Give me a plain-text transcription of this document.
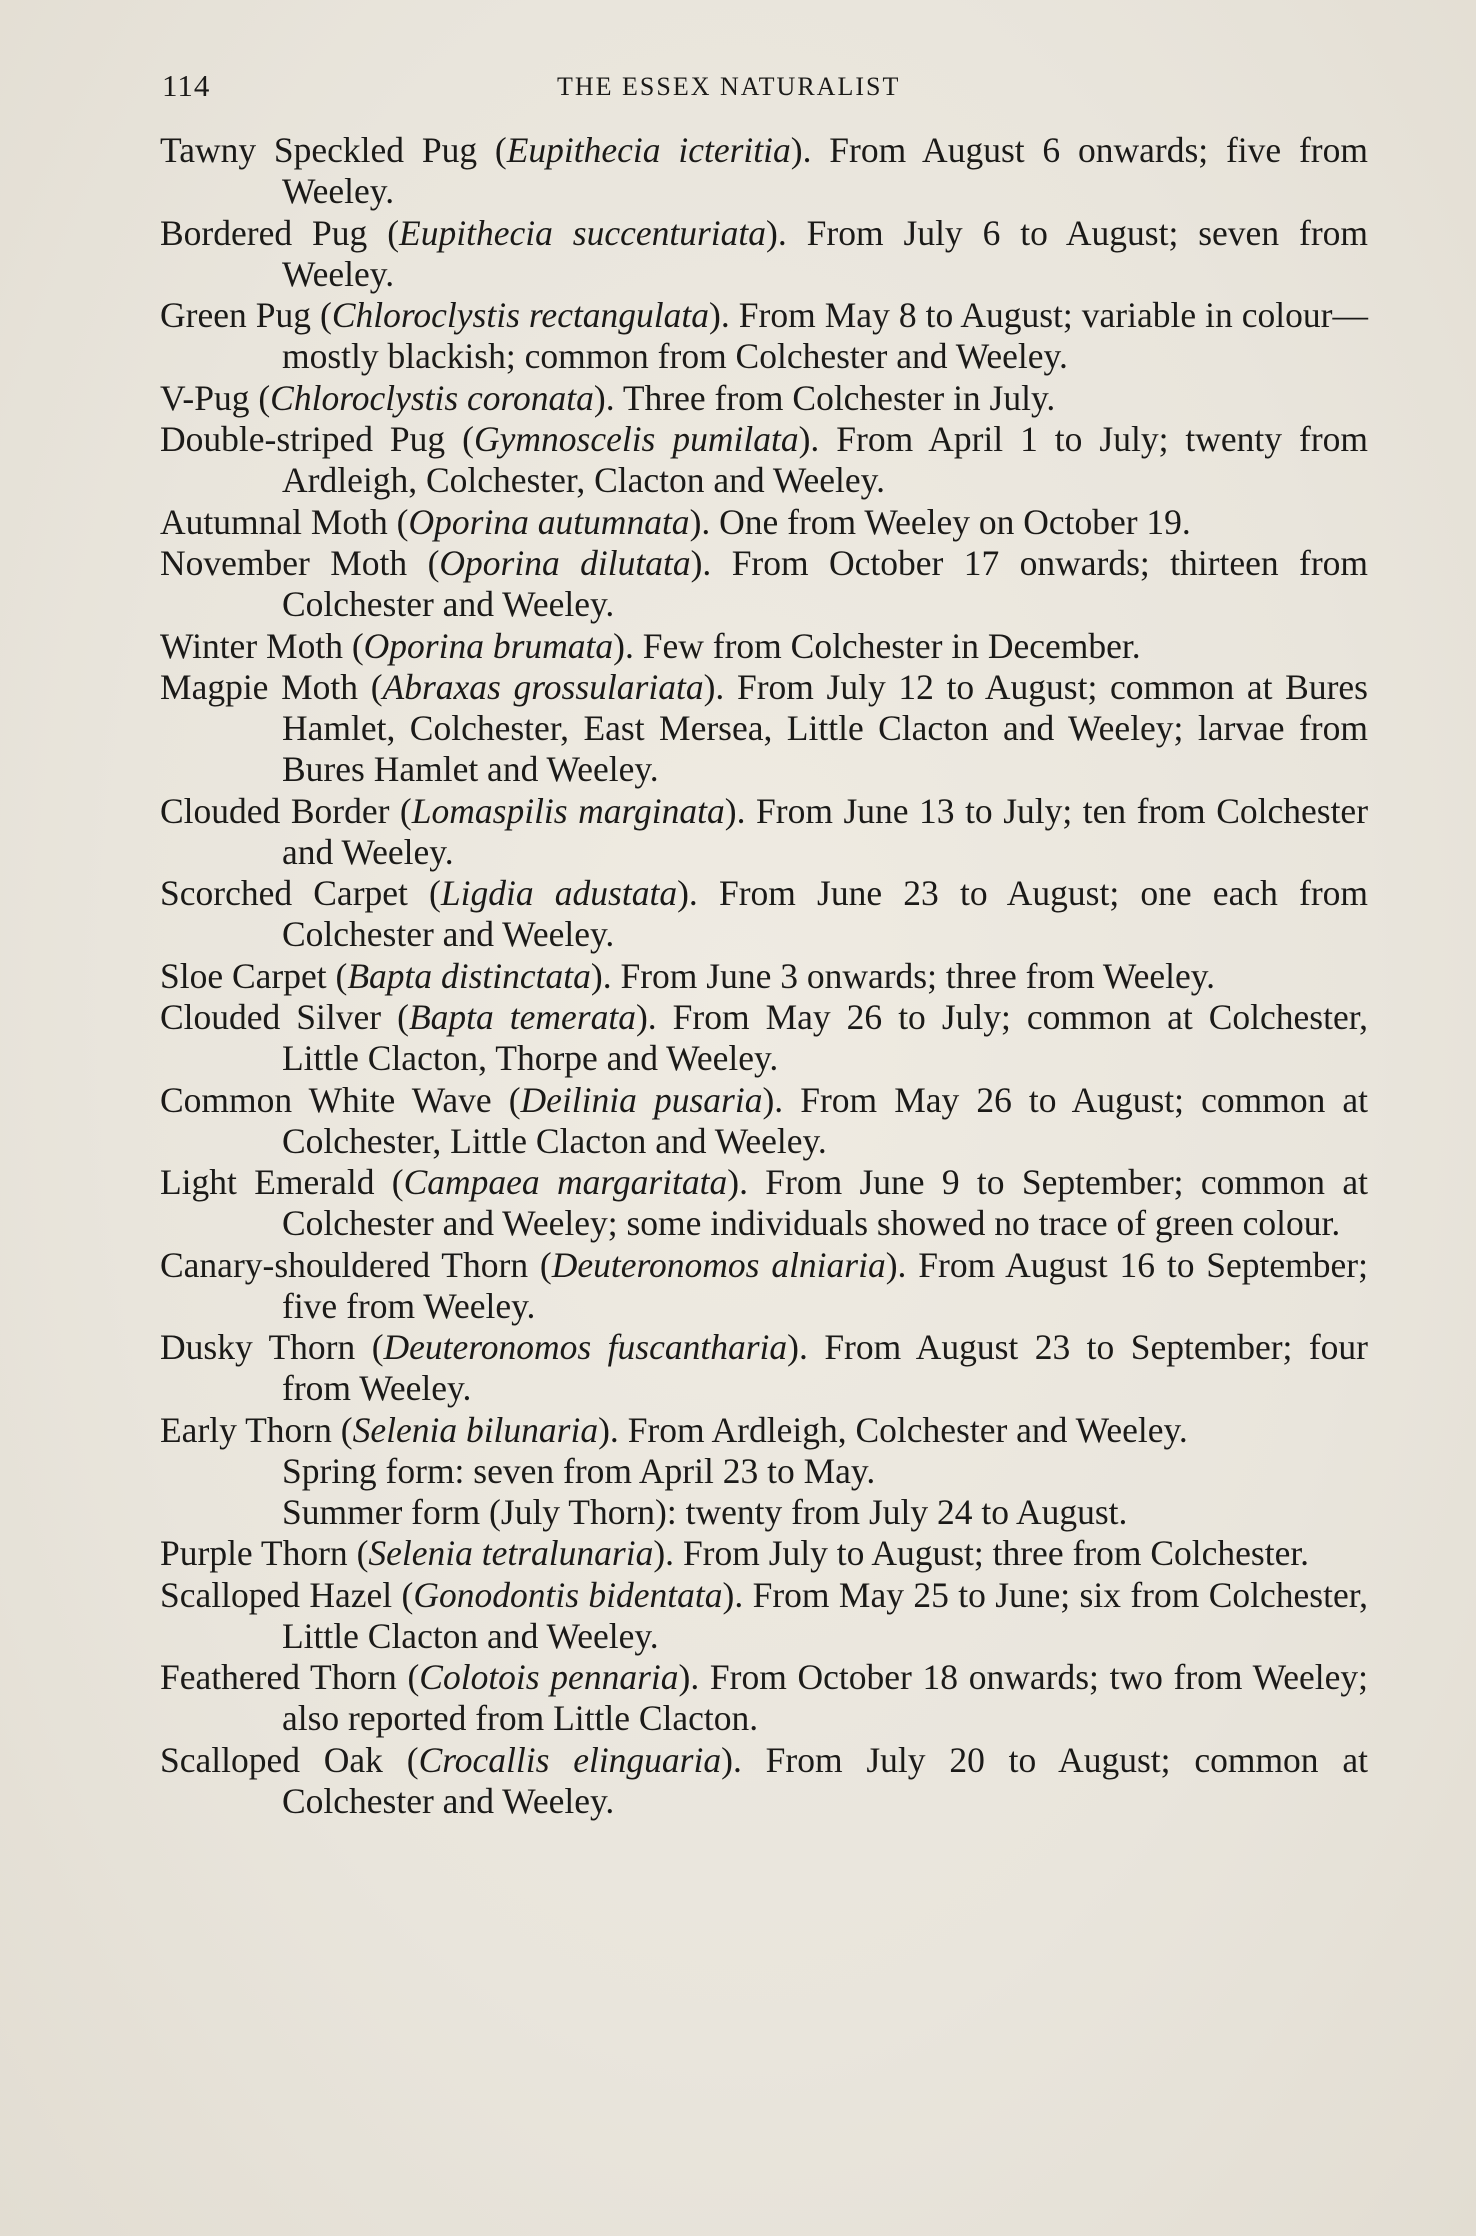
114	THE ESSEX NATURALIST

Tawny Speckled Pug (Eupithecia icteritia). From August 6 onwards; five from Weeley.

Bordered Pug (Eupithecia succenturiata). From July 6 to August; seven from Weeley.

Green Pug (Chloroclystis rectangulata). From May 8 to August; variable in colour—mostly blackish; common from Colchester and Weeley.

V-Pug (Chloroclystis coronata). Three from Colchester in July.

Double-striped Pug (Gymnoscelis pumilata). From April 1 to July; twenty from Ardleigh, Colchester, Clacton and Weeley.

Autumnal Moth (Oporina autumnata). One from Weeley on October 19.

November Moth (Oporina dilutata). From October 17 onwards; thirteen from Colchester and Weeley.

Winter Moth (Oporina brumata). Few from Colchester in December.

Magpie Moth (Abraxas grossulariata). From July 12 to August; common at Bures Hamlet, Colchester, East Mersea, Little Clacton and Weeley; larvae from Bures Hamlet and Weeley.

Clouded Border (Lomaspilis marginata). From June 13 to July; ten from Colchester and Weeley.

Scorched Carpet (Ligdia adustata). From June 23 to August; one each from Colchester and Weeley.

Sloe Carpet (Bapta distinctata). From June 3 onwards; three from Weeley.

Clouded Silver (Bapta temerata). From May 26 to July; common at Colchester, Little Clacton, Thorpe and Weeley.

Common White Wave (Deilinia pusaria). From May 26 to August; common at Colchester, Little Clacton and Weeley.

Light Emerald (Campaea margaritata). From June 9 to September; common at Colchester and Weeley; some individuals showed no trace of green colour.

Canary-shouldered Thorn (Deuteronomos alniaria). From August 16 to September; five from Weeley.

Dusky Thorn (Deuteronomos fuscantharia). From August 23 to September; four from Weeley.

Early Thorn (Selenia bilunaria). From Ardleigh, Colchester and Weeley.

Spring form: seven from April 23 to May.

Summer form (July Thorn): twenty from July 24 to August.

Purple Thorn (Selenia tetralunaria). From July to August; three from Colchester.

Scalloped Hazel (Gonodontis bidentata). From May 25 to June; six from Colchester, Little Clacton and Weeley.

Feathered Thorn (Colotois pennaria). From October 18 onwards; two from Weeley; also reported from Little Clacton.

Scalloped Oak (Crocallis elinguaria). From July 20 to August; common at Colchester and Weeley.
